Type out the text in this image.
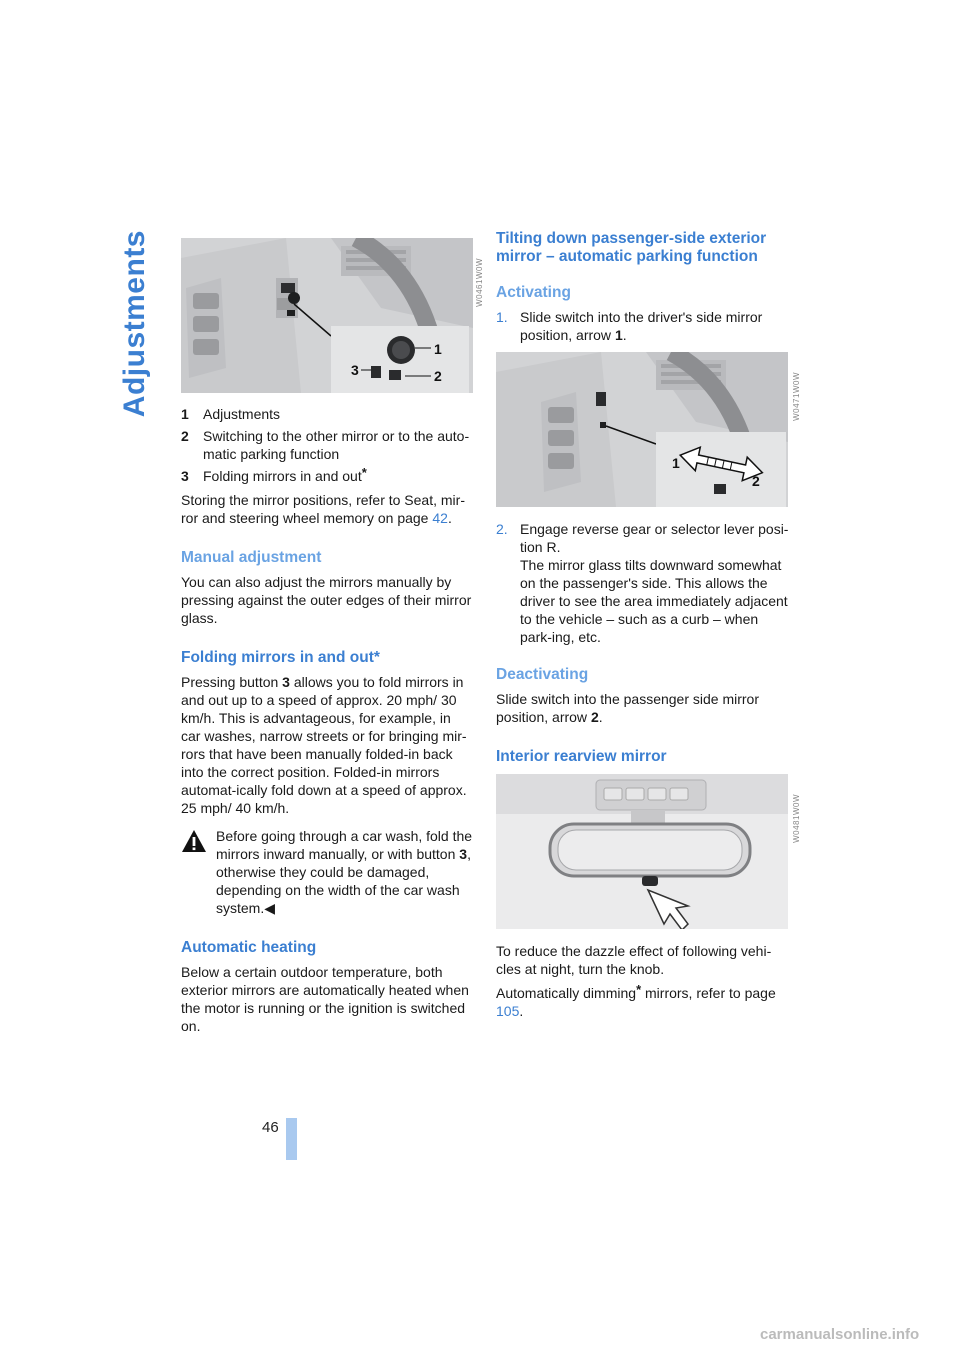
Adjustments	1
2
3
W0461W0W
1	Adjustments
2	Switching to the other mirror or to the auto-matic parking function
3	Folding mirrors in and out*

Storing the mirror positions, refer to Seat, mir-ror and steering wheel memory on page 42.

Manual adjustment

You can also adjust the mirrors manually by pressing against the outer edges of their mirror glass.

Folding mirrors in and out*

Pressing button 3 allows you to fold mirrors in and out up to a speed of approx. 20 mph/ 30 km/h. This is advantageous, for example, in car washes, narrow streets or for bringing mir-rors that have been manually folded-in back into the correct position. Folded-in mirrors automat-ically fold down at a speed of approx. 25 mph/ 40 km/h.

Before going through a car wash, fold the mirrors inward manually, or with button 3, otherwise they could be damaged, depending on the width of the car wash system.◀
Automatic heating

Below a certain outdoor temperature, both exterior mirrors are automatically heated when the motor is running or the ignition is switched on.

Tilting down passenger-side exterior mirror – automatic parking function
Activating
1. Slide switch into the driver's side mirror position, arrow 1.
1
2
W0471W0W
2. Engage reverse gear or selector lever posi-tion R.
The mirror glass tilts downward somewhat on the passenger's side. This allows the driver to see the area immediately adjacent to the vehicle – such as a curb – when park-ing, etc.
Deactivating

Slide switch into the passenger side mirror position, arrow 2.

Interior rearview mirror
W0481W0W

To reduce the dazzle effect of following vehi-cles at night, turn the knob.

Automatically dimming* mirrors, refer to page 105.

46
carmanualsonline.info
